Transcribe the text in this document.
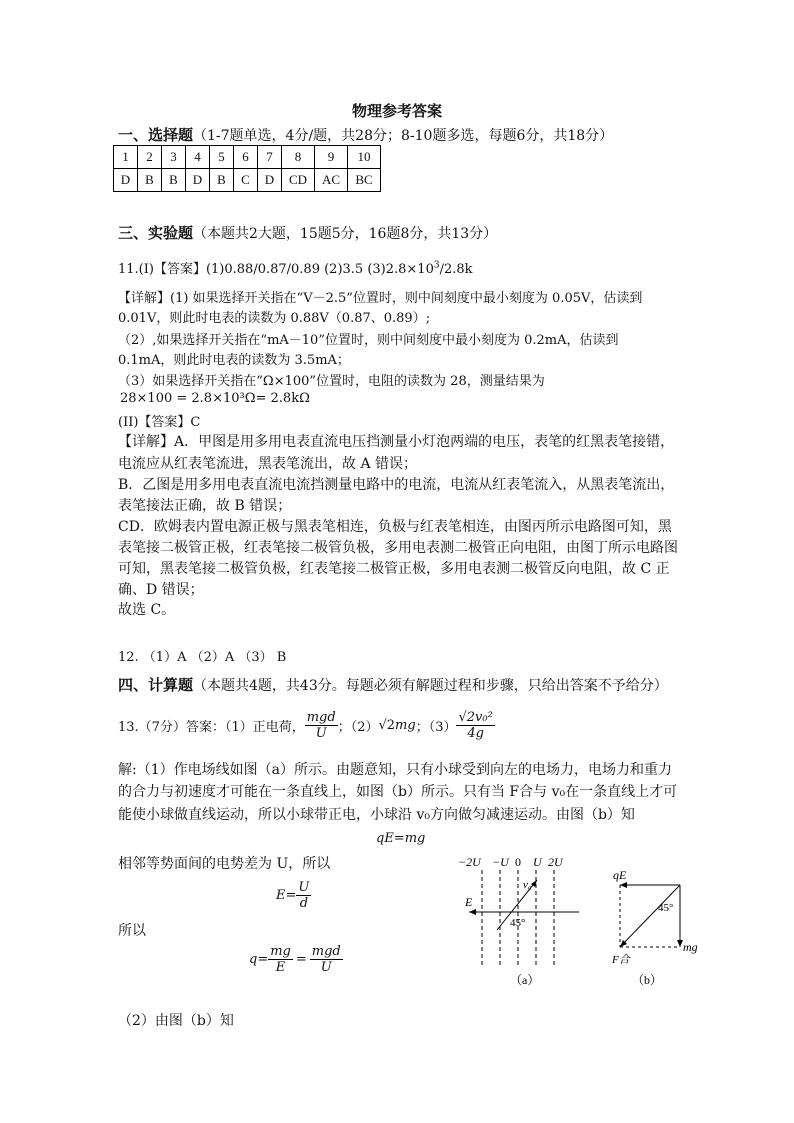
物理参考答案
一、选择题（1-7题单选，4分/题，共28分；8-10题多选，每题6分，共18分）
1	2	3	4	5	6	7	8	9	10
D	B	B	D	B	C	D	CD	AC	BC
三、实验题（本题共2大题，15题5分，16题8分，共13分）
11.(I)【答案】(1)0.88/0.87/0.89 (2)3.5 $(3)2.8\times 10^3/2.8k$
【详解】(1) 如果选择开关指在“V－2.5”位置时，则中间刻度中最小刻度为 0.05V，估读到
0.01V，则此时电表的读数为 0.88V（0.87、0.89）;
（2）,如果选择开关指在“mA－10”位置时，则中间刻度中最小刻度为 0.2mA，估读到
0.1mA，则此时电表的读数为 3.5mA；
（3）如果选择开关指在“Ω×100”位置时，电阻的读数为 28，测量结果为
28×100 = 2.8×10³Ω= 2.8kΩ
(II)【答案】C
【详解】A．甲图是用多用电表直流电压挡测量小灯泡两端的电压，表笔的红黑表笔接错，
电流应从红表笔流进，黑表笔流出，故 A 错误；
B．乙图是用多用电表直流电流挡测量电路中的电流，电流从红表笔流入，从黑表笔流出，
表笔接法正确，故 B 错误；
CD．欧姆表内置电源正极与黑表笔相连，负极与红表笔相连，由图丙所示电路图可知，黑
表笔接二极管正极，红表笔接二极管负极，多用电表测二极管正向电阻，由图丁所示电路图
可知，黑表笔接二极管负极，红表笔接二极管正极，多用电表测二极管反向电阻，故 C 正
确、D 错误；
故选 C。
12. （1）A （2）A （3） B
四、计算题（本题共4题，共43分。每题必须有解题过程和步骤，只给出答案不予给分）
13.（7分）答案：（1）正电荷， $\frac{\text{mgd}}{U}$ ；（2） √2 mg ；$(3) \frac{\text{√2v₀²}}{4g}$
解:（1）作电场线如图（a）所示。由题意知，只有小球受到向左的电场力，电场力和重力
的合力与初速度才可能在一条直线上，如图（b）所示。只有当 F合与 v₀在一条直线上才可
能使小球做直线运动，所以小球带正电，小球沿 v₀方向做匀减速运动。由图（b）知
qE=mg
相邻等势面间的电势差为 U，所以
$E= \frac{U}{d}$
所以
$q= \frac{mg}{E} = \frac{\text{mgd}}{U}$
（2）由图（b）知
−2U −U 0 U 2U
E
v₀
45°
（a）
qE
45°
mg
F合
（b）
